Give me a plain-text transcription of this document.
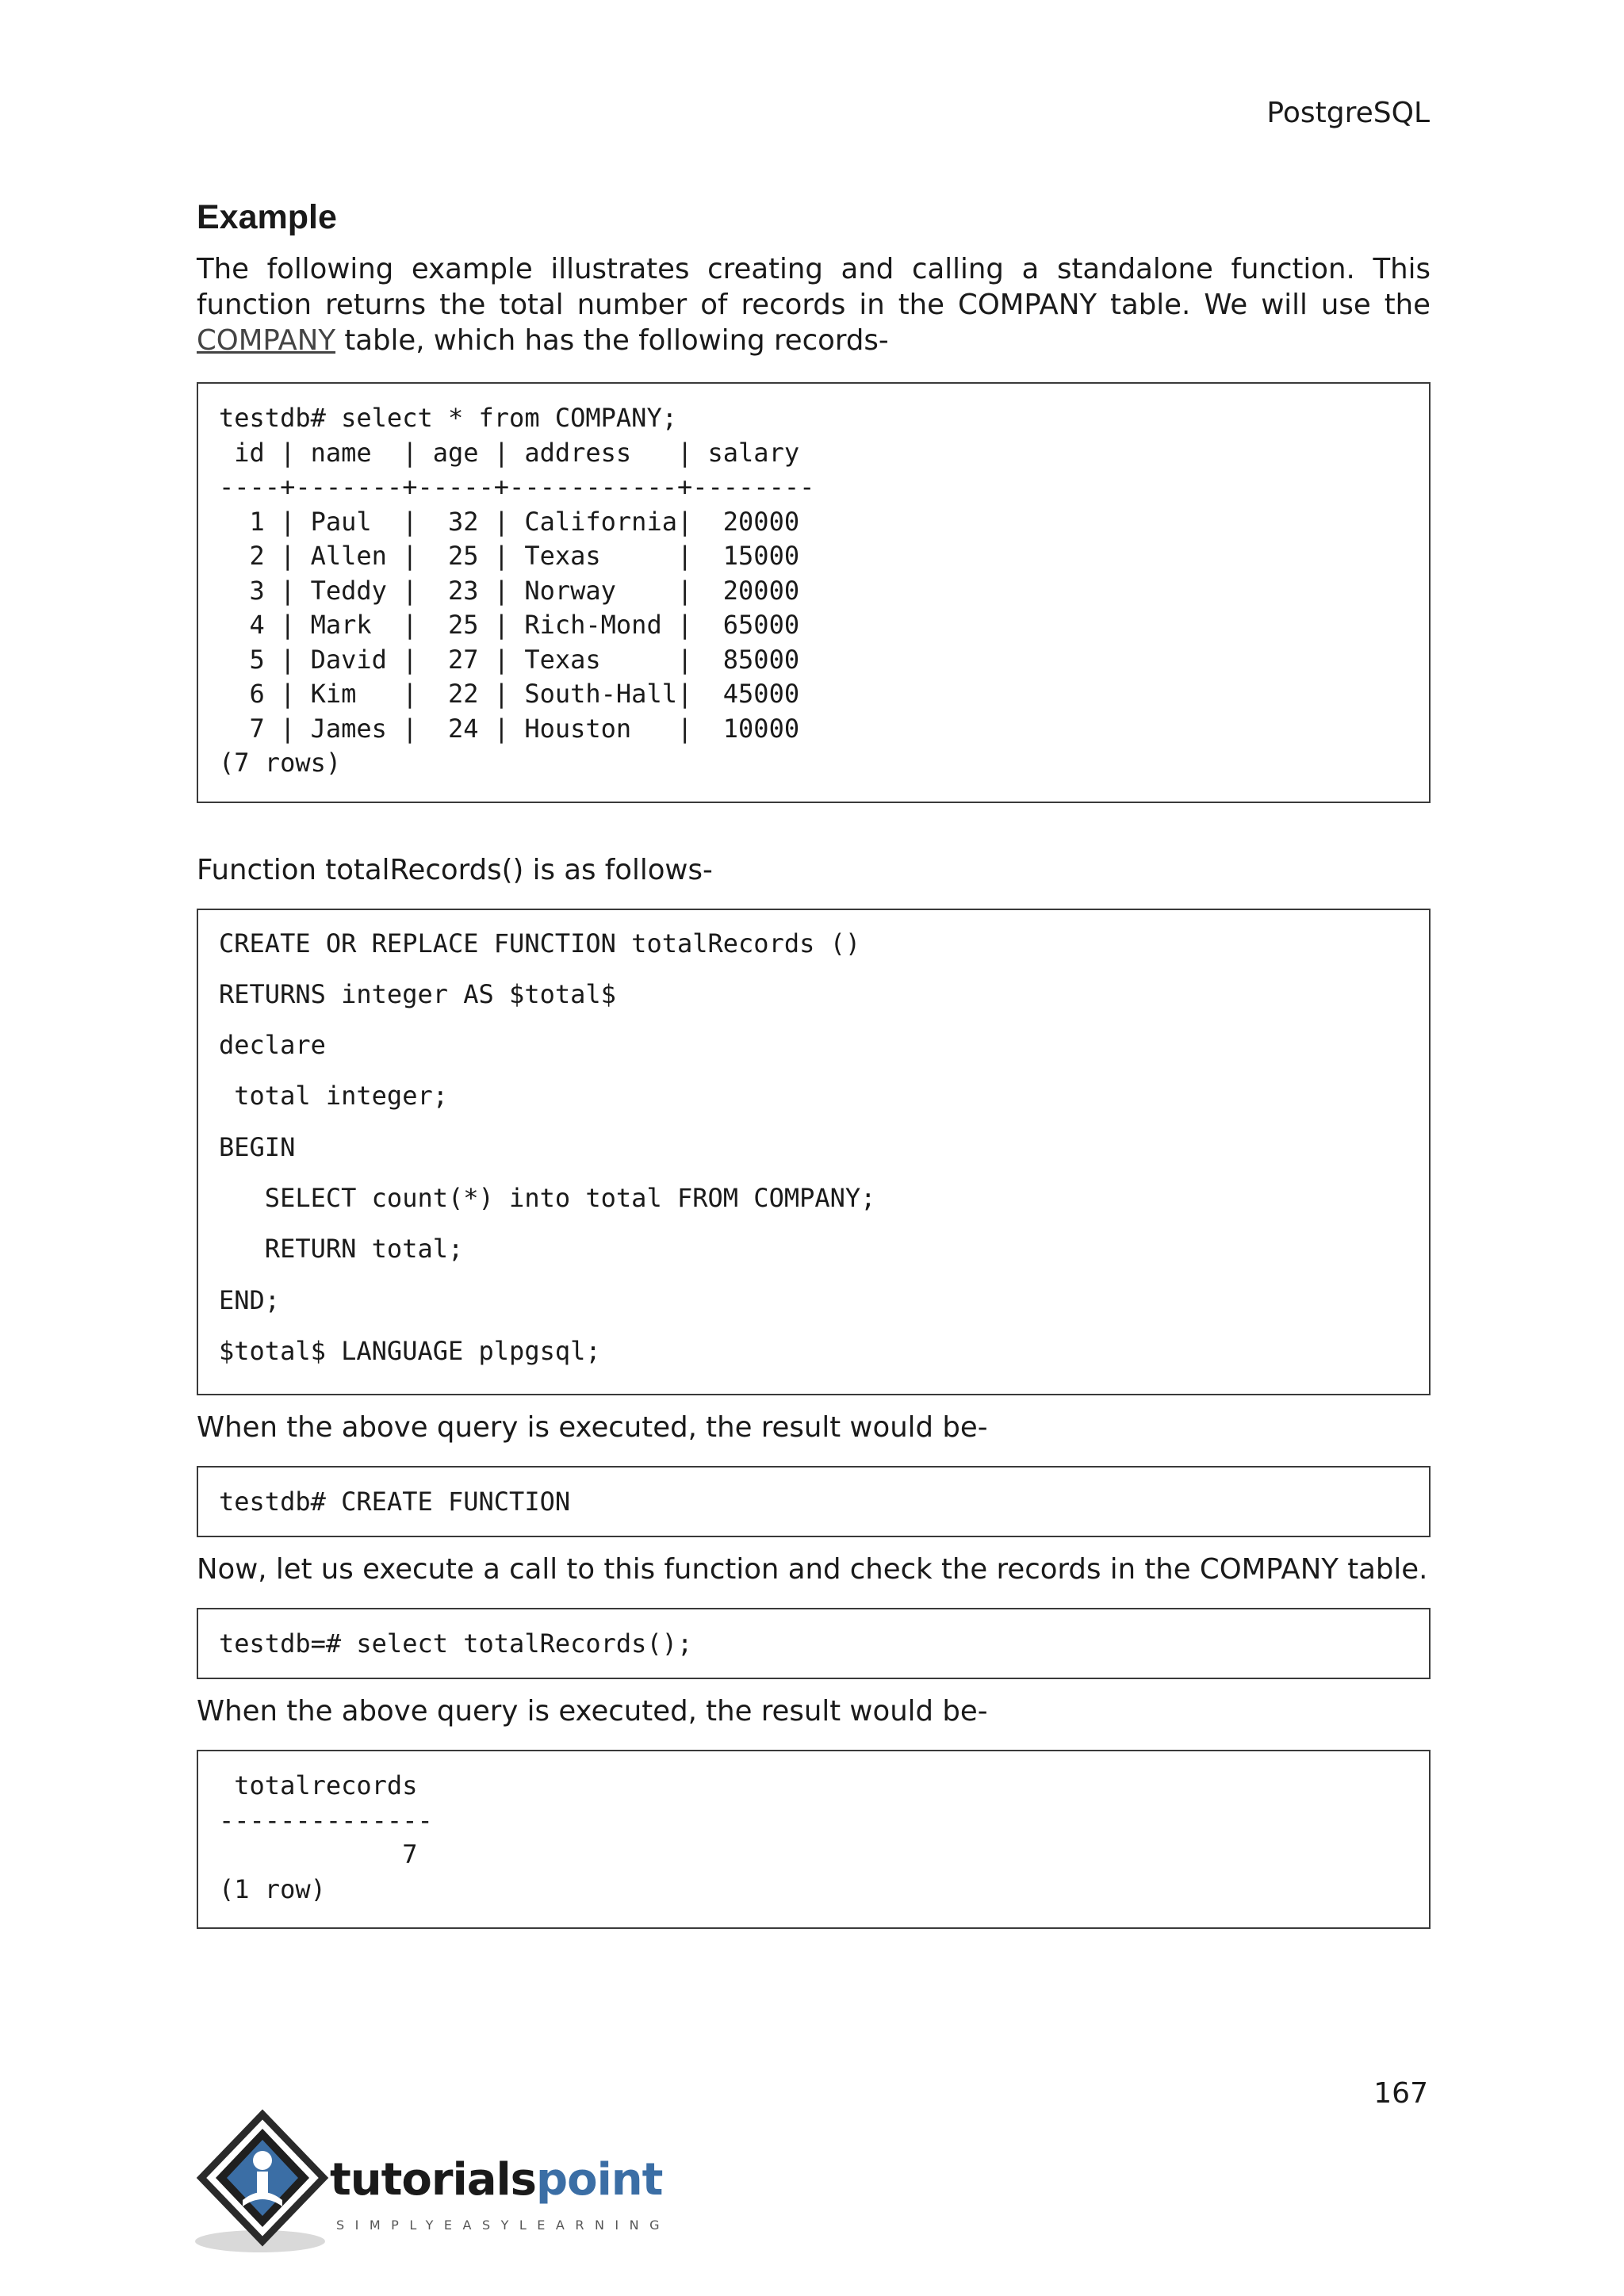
PostgreSQL
Example

The following example illustrates creating and calling a standalone function. This function returns the total number of records in the COMPANY table. We will use the COMPANY table, which has the following records-

testdb# select * from COMPANY;
id | name  | age | address   | salary
----+-------+-----+-----------+--------
1 | Paul  |  32 | California|  20000
2 | Allen |  25 | Texas     |  15000
3 | Teddy |  23 | Norway    |  20000
4 | Mark  |  25 | Rich-Mond |  65000
5 | David |  27 | Texas     |  85000
6 | Kim   |  22 | South-Hall|  45000
7 | James |  24 | Houston   |  10000
(7 rows)

Function totalRecords() is as follows-

CREATE OR REPLACE FUNCTION totalRecords ()
RETURNS integer AS $total$
declare
total integer;
BEGIN
SELECT count(*) into total FROM COMPANY;
RETURN total;
END;
$total$ LANGUAGE plpgsql;

When the above query is executed, the result would be-

testdb# CREATE FUNCTION

Now, let us execute a call to this function and check the records in the COMPANY table.

testdb=# select totalRecords();

When the above query is executed, the result would be-

totalrecords
--------------
7
(1 row)
167
tutorialspoint
SIMPLYEASYLEARNING
